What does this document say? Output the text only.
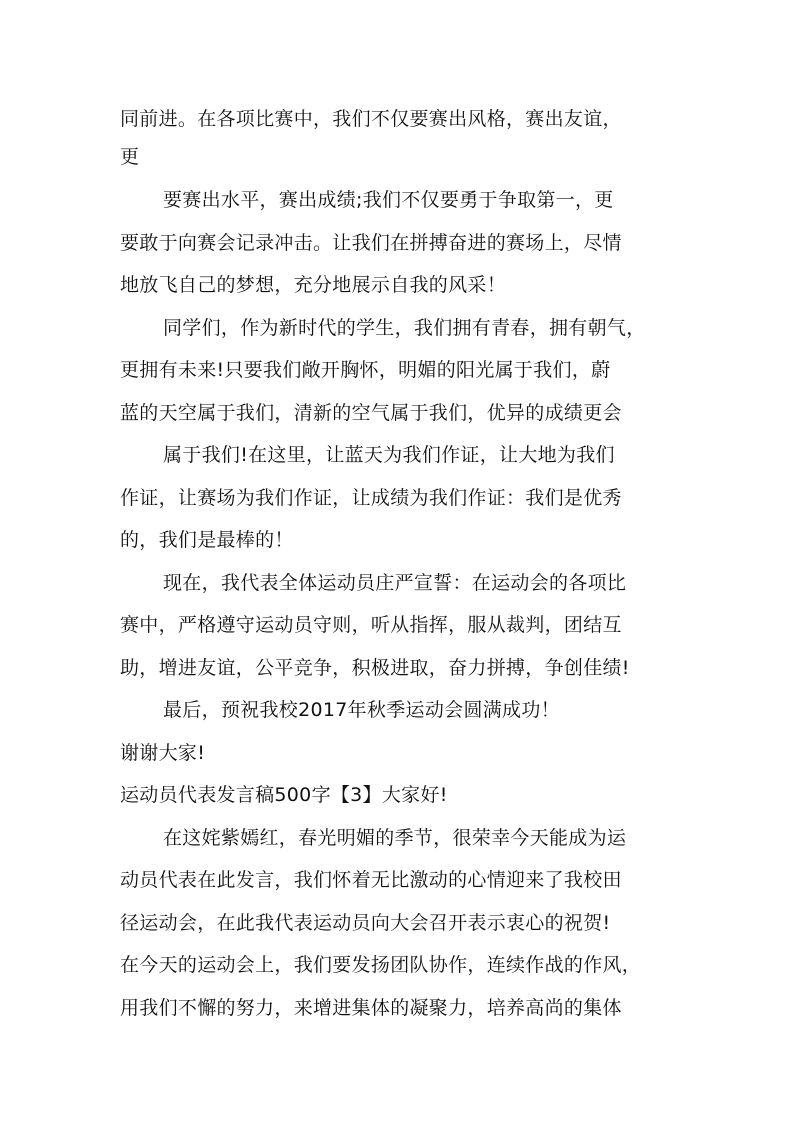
同前进。在各项比赛中，我们不仅要赛出风格，赛出友谊，
更
要赛出水平，赛出成绩;我们不仅要勇于争取第一，更
要敢于向赛会记录冲击。让我们在拼搏奋进的赛场上，尽情
地放飞自己的梦想，充分地展示自我的风采！
同学们，作为新时代的学生，我们拥有青春，拥有朝气，
更拥有未来!只要我们敞开胸怀，明媚的阳光属于我们，蔚
蓝的天空属于我们，清新的空气属于我们，优异的成绩更会
属于我们!在这里，让蓝天为我们作证，让大地为我们
作证，让赛场为我们作证，让成绩为我们作证：我们是优秀
的，我们是最棒的！
现在，我代表全体运动员庄严宣誓：在运动会的各项比
赛中，严格遵守运动员守则，听从指挥，服从裁判，团结互
助，增进友谊，公平竞争，积极进取，奋力拼搏，争创佳绩!
最后，预祝我校2017年秋季运动会圆满成功！
谢谢大家!
运动员代表发言稿500字【3】大家好!
在这姹紫嫣红，春光明媚的季节，很荣幸今天能成为运
动员代表在此发言，我们怀着无比激动的心情迎来了我校田
径运动会，在此我代表运动员向大会召开表示衷心的祝贺!
在今天的运动会上，我们要发扬团队协作，连续作战的作风，
用我们不懈的努力，来增进集体的凝聚力，培养高尚的集体
